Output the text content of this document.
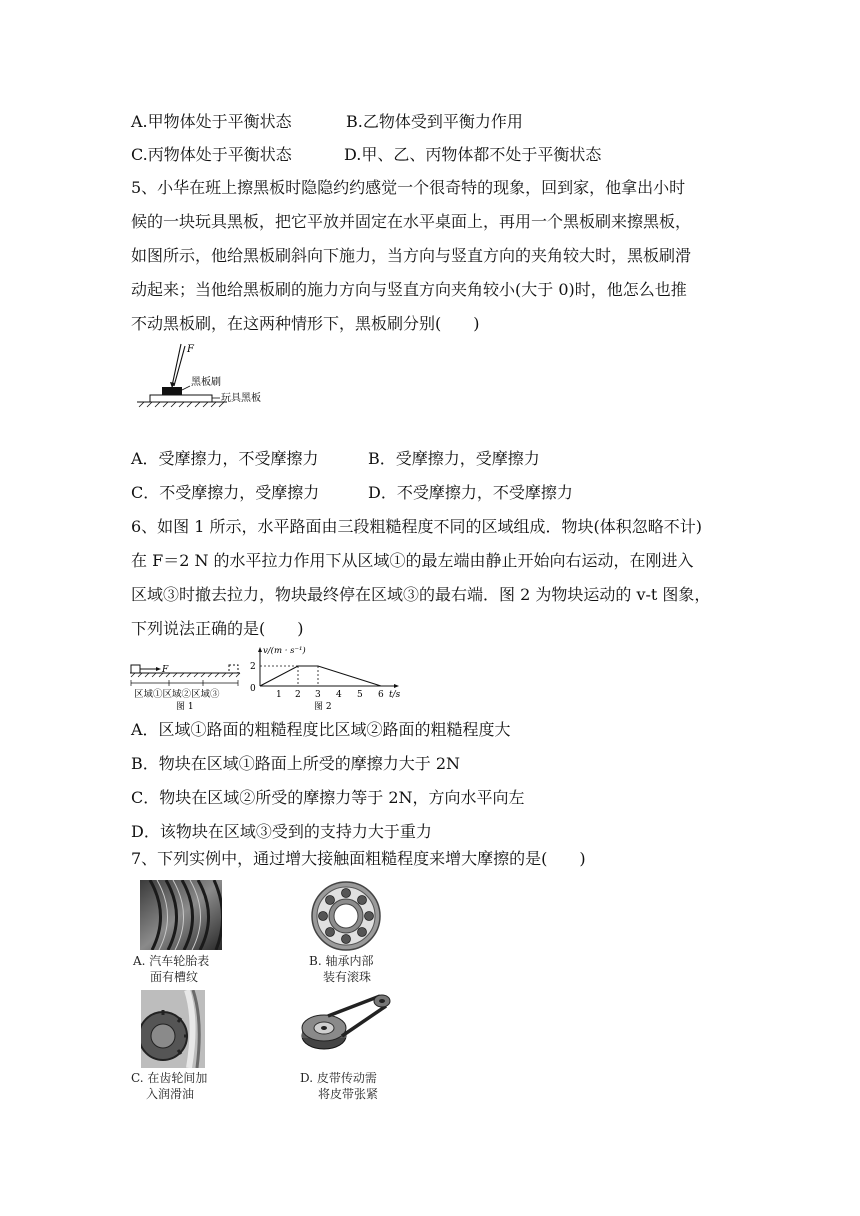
A.甲物体处于平衡状态	B.乙物体受到平衡力作用
C.丙物体处于平衡状态	D.甲、乙、丙物体都不处于平衡状态
5、小华在班上擦黑板时隐隐约约感觉一个很奇特的现象，回到家，他拿出小时
候的一块玩具黑板，把它平放并固定在水平桌面上，再用一个黑板刷来擦黑板，
如图所示，他给黑板刷斜向下施力，当方向与竖直方向的夹角较大时，黑板刷滑
动起来；当他给黑板刷的施力方向与竖直方向夹角较小(大于 0)时，他怎么也推
不动黑板刷，在这两种情形下，黑板刷分别(　　)
F
黑板刷
玩具黑板
A．受摩擦力，不受摩擦力	B．受摩擦力，受摩擦力
C．不受摩擦力，受摩擦力	D．不受摩擦力，不受摩擦力
6、如图 1 所示，水平路面由三段粗糙程度不同的区域组成．物块(体积忽略不计)
在 F＝2 N 的水平拉力作用下从区域①的最左端由静止开始向右运动，在刚进入
区域③时撤去拉力，物块最终停在区域③的最右端．图 2 为物块运动的 v-t 图象，
下列说法正确的是(　　)
F
区域①区域②区域③
图 1
v/(m · s⁻¹)
2
0
1 2 3 4 5 6 t/s
图 2
A．区域①路面的粗糙程度比区域②路面的粗糙程度大
B．物块在区域①路面上所受的摩擦力大于 2N
C．物块在区域②所受的摩擦力等于 2N，方向水平向左
D．该物块在区域③受到的支持力大于重力
7、下列实例中，通过增大接触面粗糙程度来增大摩擦的是(　　)
A. 汽车轮胎表
面有槽纹
B. 轴承内部
装有滚珠
C. 在齿轮间加
入润滑油
D. 皮带传动需
将皮带张紧
